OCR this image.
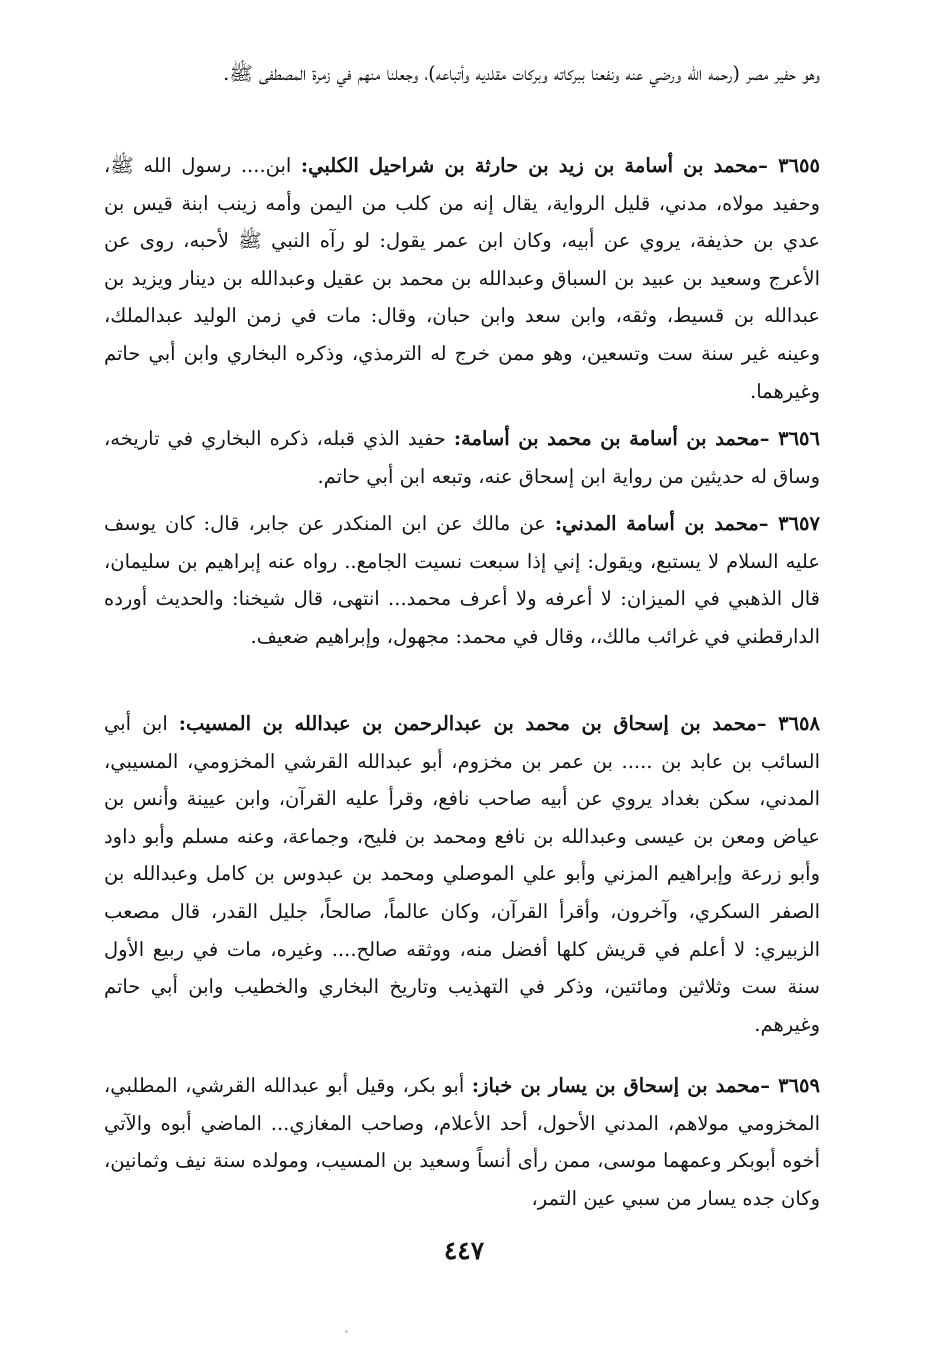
وهو حفير مصر (رحمه الله ورضي عنه ونفعنا ببركاته وبركات مقلديه وأتباعه)، وجعلنا منهم في زمرة المصطفى ﷺ.

٣٦٥٥ –محمد بن أسامة بن زيد بن حارثة بن شراحيل الكلبي: ابن.... رسول الله ﷺ، وحفيد مولاه، مدني، قليل الرواية، يقال إنه من كلب من اليمن وأمه زينب ابنة قيس بن عدي بن حذيفة، يروي عن أبيه، وكان ابن عمر يقول: لو رآه النبي ﷺ لأحبه، روى عن الأعرج وسعيد بن عبيد بن السباق وعبدالله بن محمد بن عقيل وعبدالله بن دينار ويزيد بن عبدالله بن قسيط، وثقه، وابن سعد وابن حبان، وقال: مات في زمن الوليد عبدالملك، وعينه غير سنة ست وتسعين، وهو ممن خرج له الترمذي، وذكره البخاري وابن أبي حاتم وغيرهما.

٣٦٥٦ –محمد بن أسامة بن محمد بن أسامة: حفيد الذي قبله، ذكره البخاري في تاريخه، وساق له حديثين من رواية ابن إسحاق عنه، وتبعه ابن أبي حاتم.

٣٦٥٧ –محمد بن أسامة المدني: عن مالك عن ابن المنكدر عن جابر، قال: كان يوسف عليه السلام لا يستبع، ويقول: إني إذا سبعت نسيت الجامع.. رواه عنه إبراهيم بن سليمان، قال الذهبي في الميزان: لا أعرفه ولا أعرف محمد... انتهى، قال شيخنا: والحديث أورده الدارقطني في غرائب مالك،، وقال في محمد: مجهول، وإبراهيم ضعيف.

٣٦٥٨ –محمد بن إسحاق بن محمد بن عبدالرحمن بن عبدالله بن المسيب: ابن أبي السائب بن عابد بن ..... بن عمر بن مخزوم، أبو عبدالله القرشي المخزومي، المسيبي، المدني، سكن بغداد يروي عن أبيه صاحب نافع، وقرأ عليه القرآن، وابن عيينة وأنس بن عياض ومعن بن عيسى وعبدالله بن نافع ومحمد بن فليح، وجماعة، وعنه مسلم وأبو داود وأبو زرعة وإبراهيم المزني وأبو علي الموصلي ومحمد بن عبدوس بن كامل وعبدالله بن الصفر السكري، وآخرون، وأقرأ القرآن، وكان عالماً، صالحاً، جليل القدر، قال مصعب الزبيري: لا أعلم في قريش كلها أفضل منه، ووثقه صالح.... وغيره، مات في ربيع الأول سنة ست وثلاثين ومائتين، وذكر في التهذيب وتاريخ البخاري والخطيب وابن أبي حاتم وغيرهم.

٣٦٥٩ –محمد بن إسحاق بن يسار بن خباز: أبو بكر، وقيل أبو عبدالله القرشي، المطلبي، المخزومي مولاهم، المدني الأحول، أحد الأعلام، وصاحب المغازي... الماضي أبوه والآتي أخوه أبوبكر وعمهما موسى، ممن رأى أنساً وسعيد بن المسيب، ومولده سنة نيف وثمانين، وكان جده يسار من سبي عين التمر،

٤٤٧
